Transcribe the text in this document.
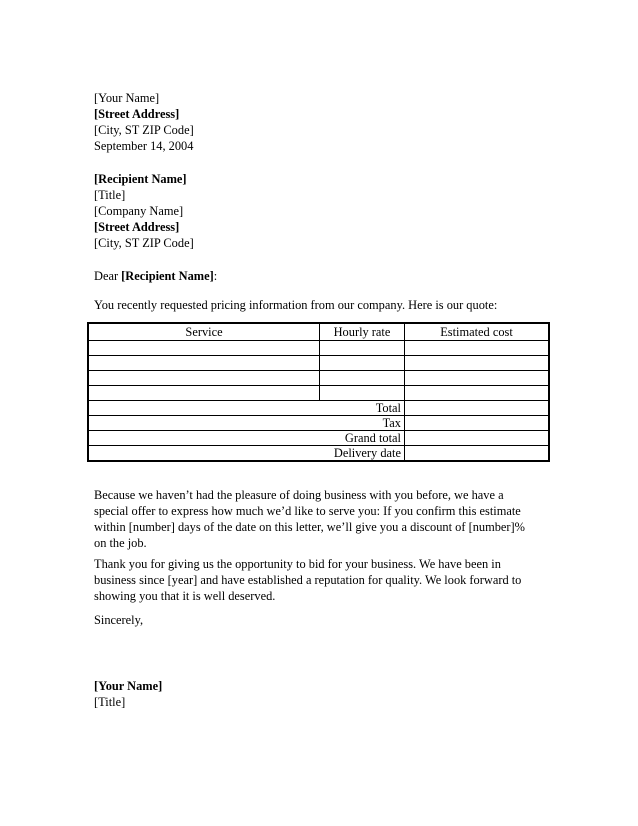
[Your Name]
[Street Address]
[City, ST ZIP Code]
September 14, 2004
[Recipient Name]
[Title]
[Company Name]
[Street Address]
[City, ST ZIP Code]
Dear [Recipient Name]:
You recently requested pricing information from our company. Here is our quote:
Service	Hourly rate	Estimated cost

Total		
Tax		
Grand total		
Delivery date		
Because we haven’t had the pleasure of doing business with you before, we have a special offer to express how much we’d like to serve you: If you confirm this estimate within [number] days of the date on this letter, we’ll give you a discount of [number]% on the job.
Thank you for giving us the opportunity to bid for your business. We have been in business since [year] and have established a reputation for quality. We look forward to showing you that it is well deserved.
Sincerely,
[Your Name]
[Title]
